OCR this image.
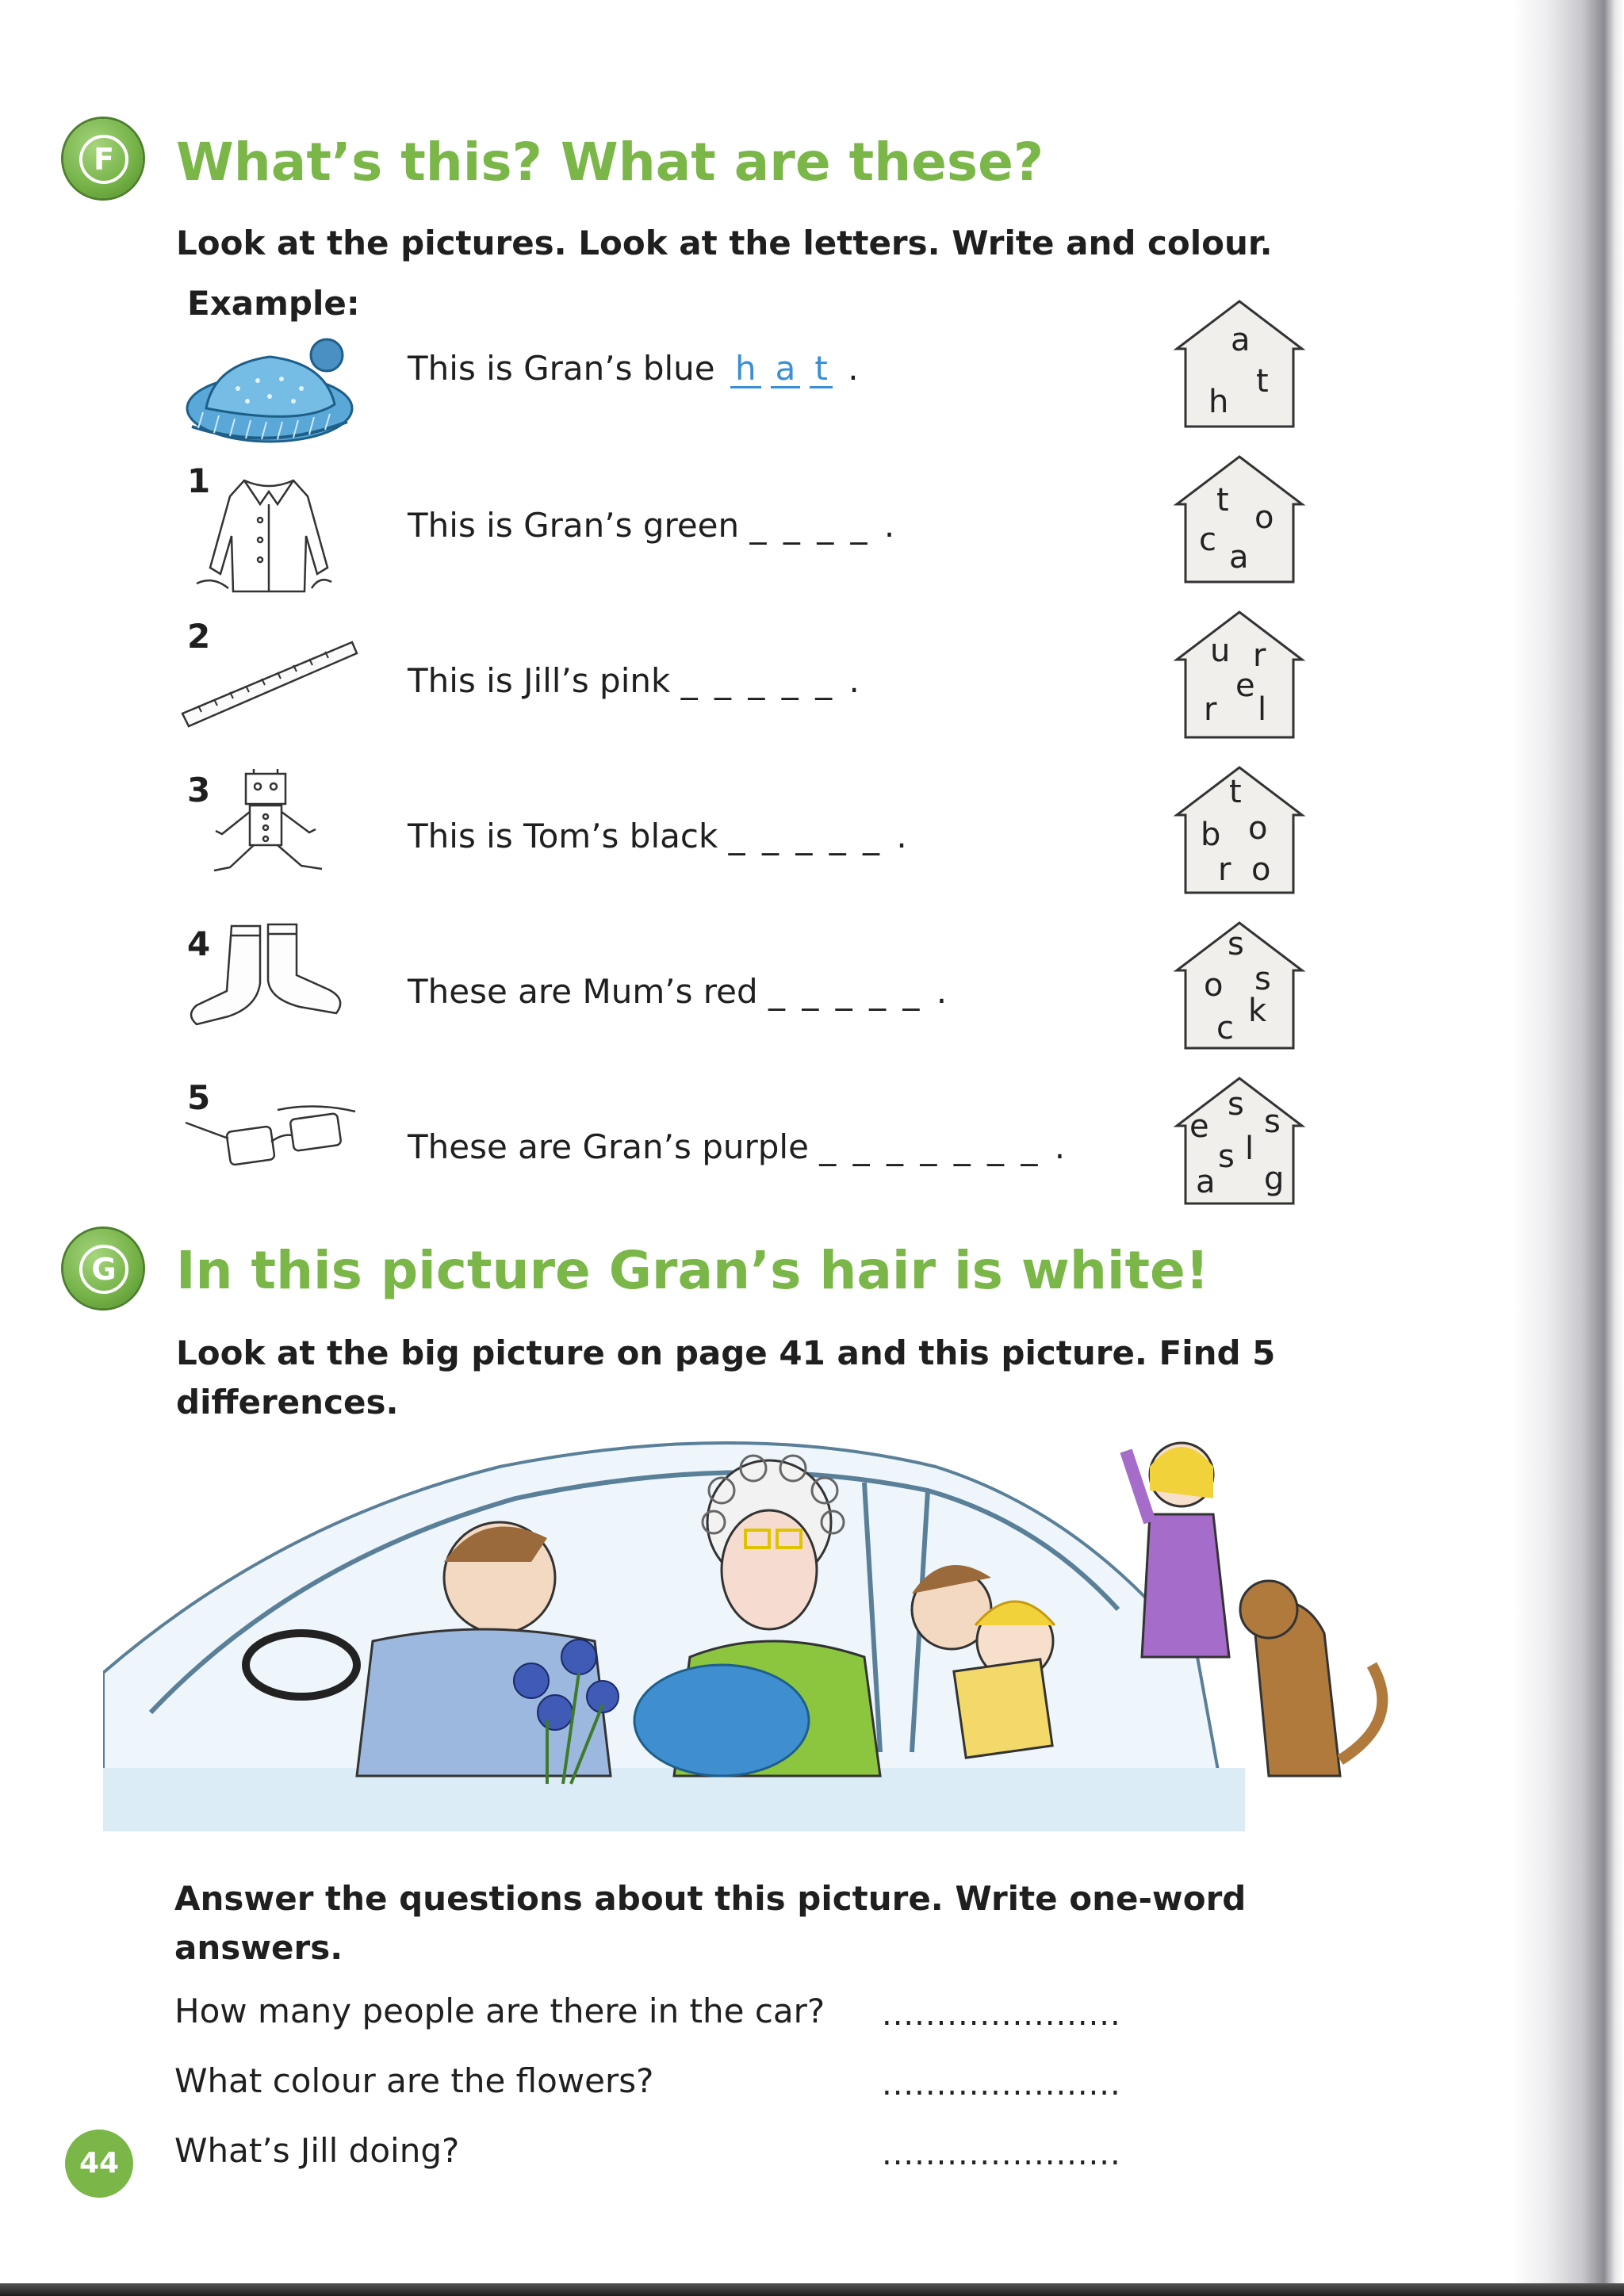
F What’s this? What are these?

Look at the pictures. Look at the letters. Write and colour.

Example:
This is Gran’s blue h a t .
a
t
h
1
This is Gran’s green _ _ _ _ .
t o
c a
2
This is Jill’s pink _ _ _ _ _ .
u r
e
r l
3
This is Tom’s black _ _ _ _ _ .
t
b o
r o
4
These are Mum’s red _ _ _ _ _ .
s
o s
k
c
5
These are Gran’s purple _ _ _ _ _ _ _ .
s
e s
s l
a g
G In this picture Gran’s hair is white!

Look at the big picture on page 41 and this picture. Find 5 differences.

Answer the questions about this picture. Write one-word answers.

How many people are there in the car? ......................
What colour are the flowers?	......................
What’s Jill doing?	......................
44
